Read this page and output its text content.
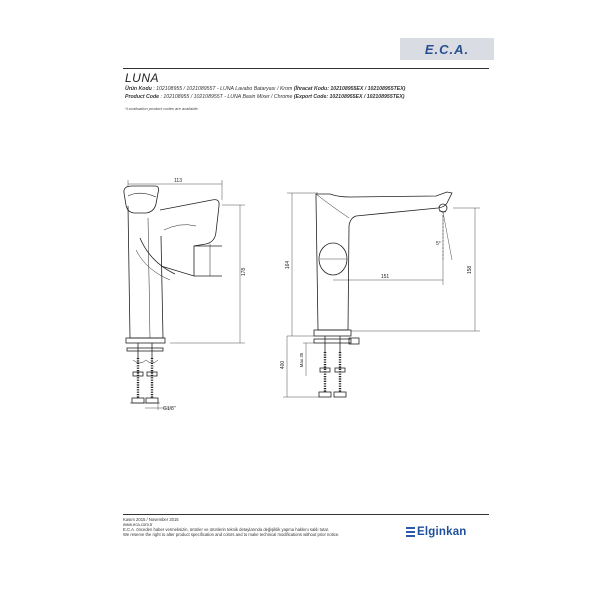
E.C.A.
LUNA
Ürün Kodu : 102108955 / 102108955T - LUNA Lavabo Bataryası / Krom (İhracat Kodu: 102108955EX / 102108955TEX)
Product Code : 102108955 / 102108955T - LUNA Basin Mixer / Chrome (Export Code: 102108955EX / 102108955TEX)
*Localisation product codes are available.
113
178
G1/8"
164
151
5°
158
Max 35
400
Kasım 2015 / November 2015
www.eca.com.tr
E.C.A. önceden haber vermeksizin, ürünler ve ürünlerin teknik detaylarında değişiklik yapma hakkını saklı tutar.
We reserve the right to alter product specification and colors and to make technical modifications without prior notice.	Elginkan
